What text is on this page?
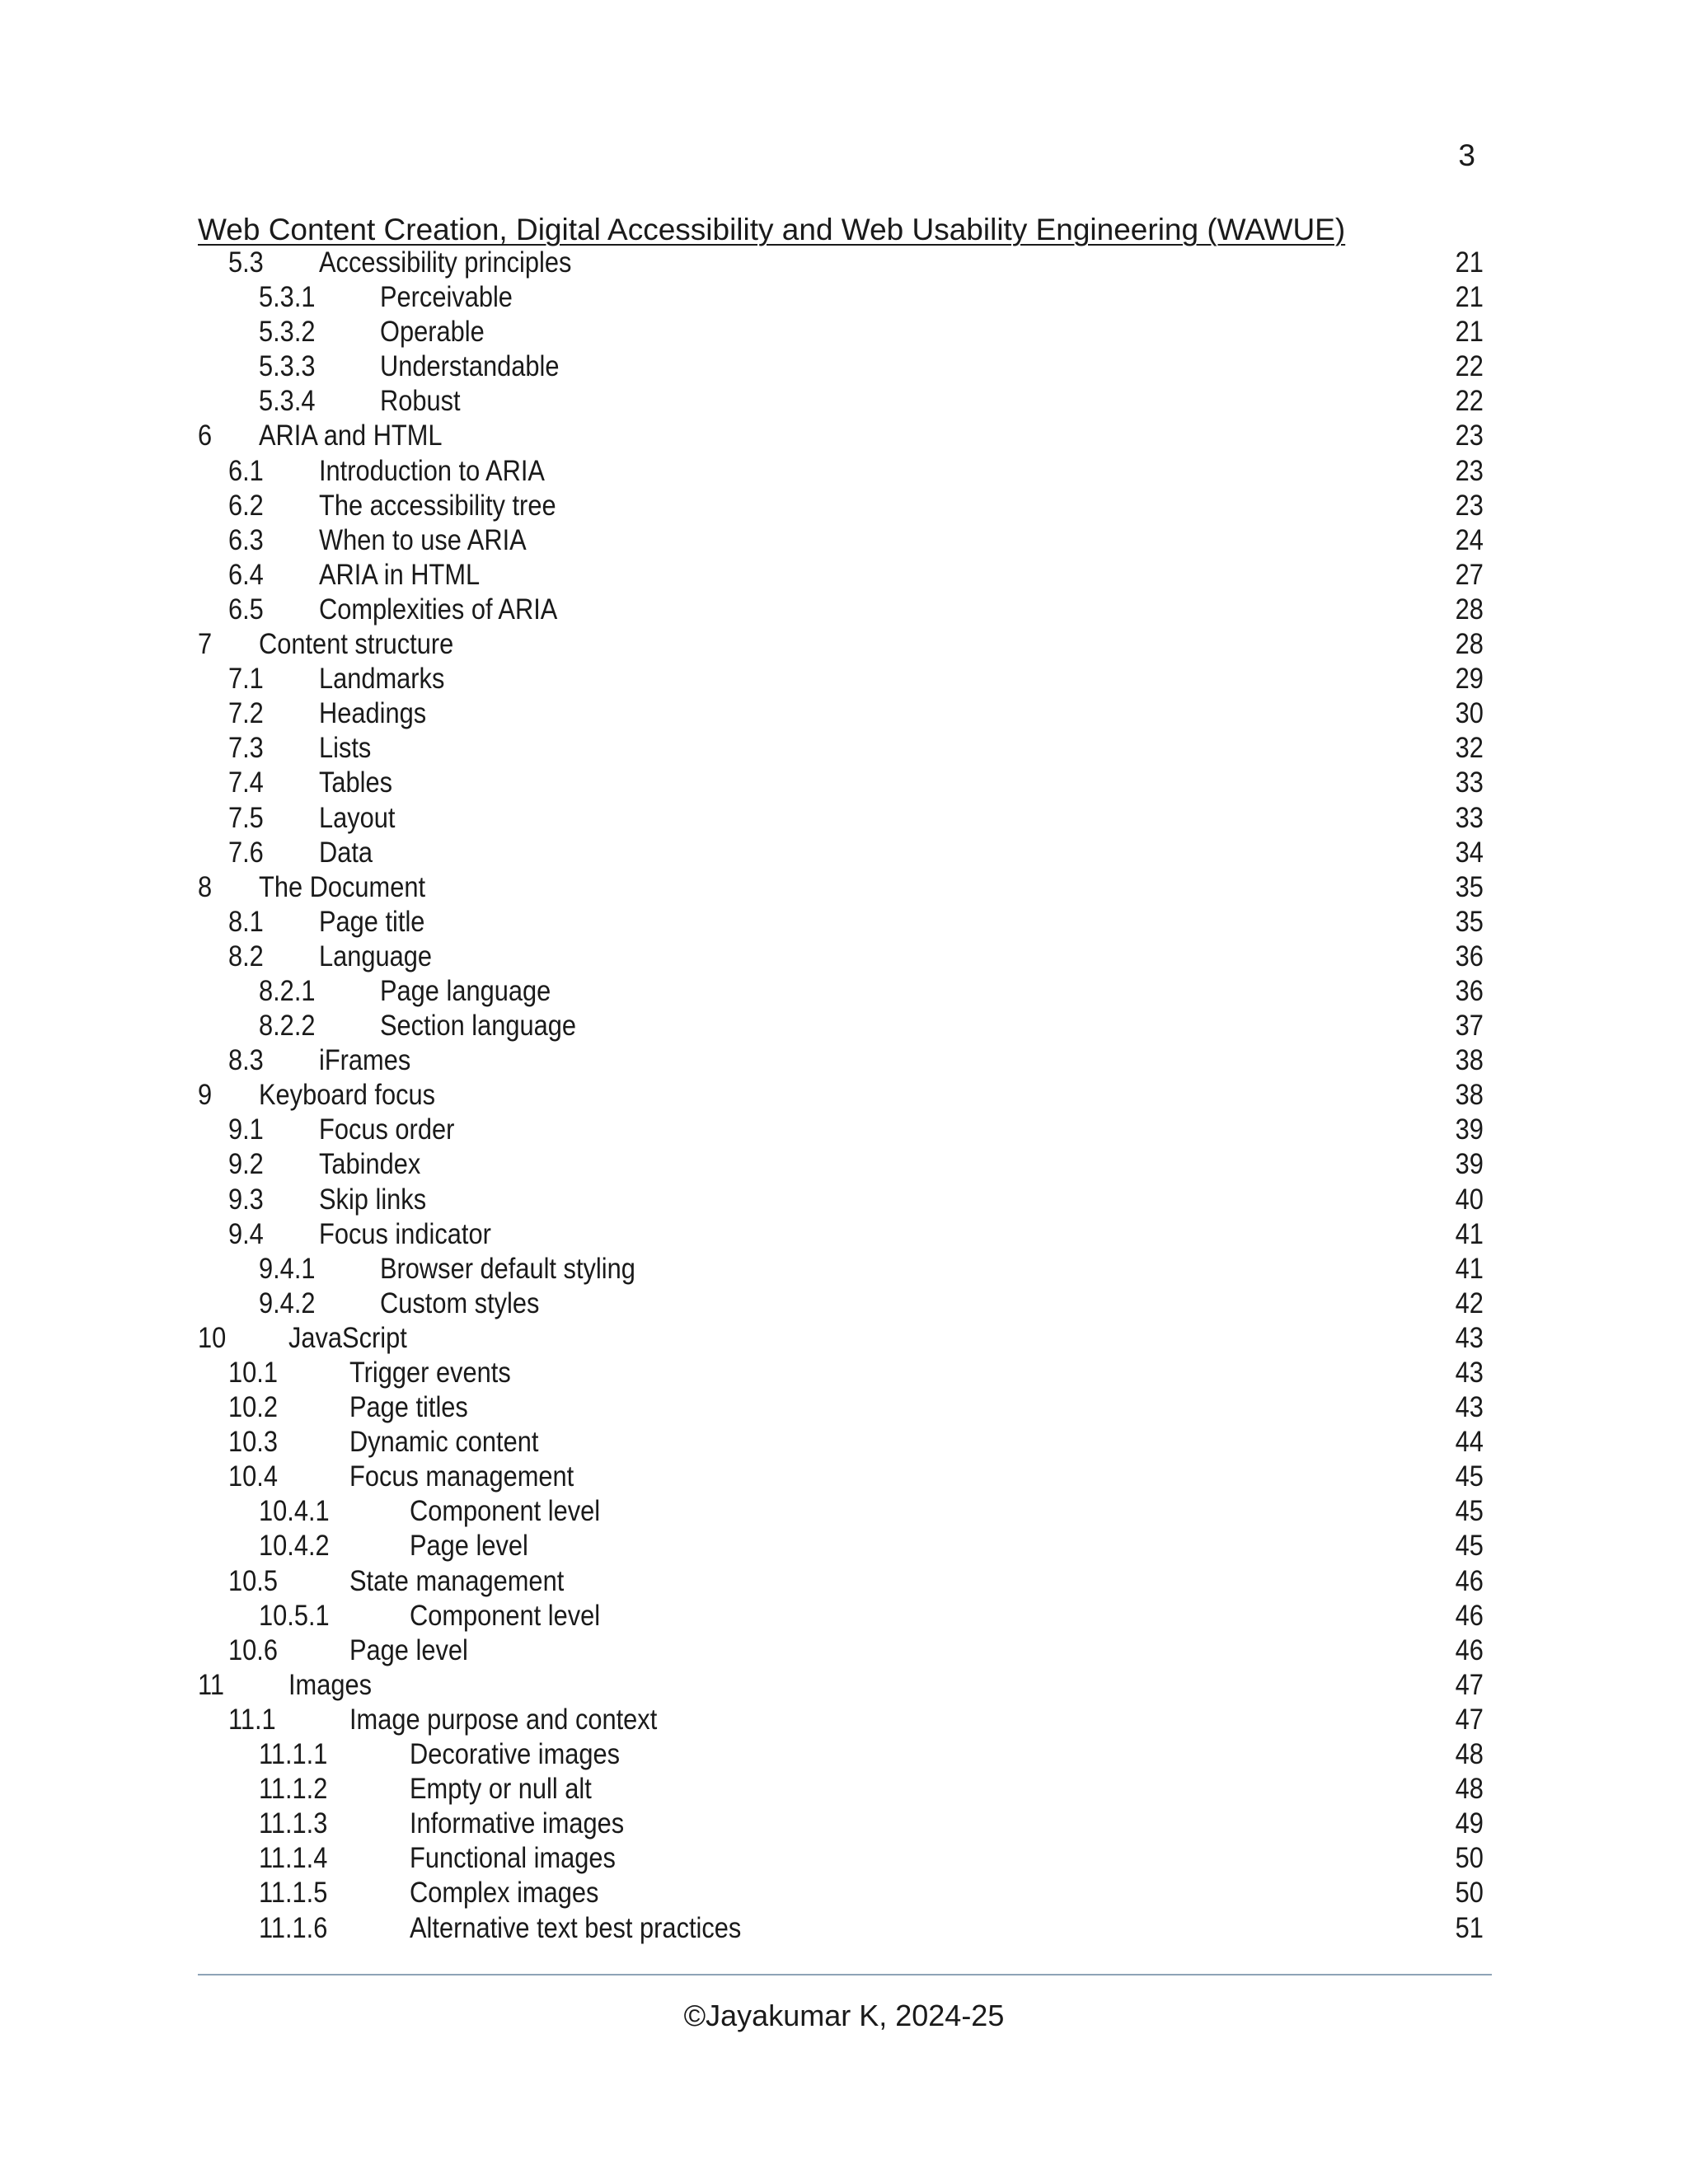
3
Web Content Creation, Digital Accessibility and Web Usability Engineering (WAWUE)
5.3 Accessibility principles	21
5.3.1 Perceivable	21
5.3.2 Operable	21
5.3.3 Understandable	22
5.3.4 Robust	22
6 ARIA and HTML	23
6.1 Introduction to ARIA	23
6.2 The accessibility tree	23
6.3 When to use ARIA	24
6.4 ARIA in HTML	27
6.5 Complexities of ARIA	28
7 Content structure	28
7.1 Landmarks	29
7.2 Headings	30
7.3 Lists	32
7.4 Tables	33
7.5 Layout	33
7.6 Data	34
8 The Document	35
8.1 Page title	35
8.2 Language	36
8.2.1 Page language	36
8.2.2 Section language	37
8.3 iFrames	38
9 Keyboard focus	38
9.1 Focus order	39
9.2 Tabindex	39
9.3 Skip links	40
9.4 Focus indicator	41
9.4.1 Browser default styling	41
9.4.2 Custom styles	42
10 JavaScript	43
10.1 Trigger events	43
10.2 Page titles	43
10.3 Dynamic content	44
10.4 Focus management	45
10.4.1	Component level	45
10.4.2	Page level	45
10.5 State management	46
10.5.1	Component level	46
10.6 Page level	46
11 Images	47
11.1	Image purpose and context	47
11.1.1	Decorative images	48
11.1.2	Empty or null alt	48
11.1.3	Informative images	49
11.1.4	Functional images	50
11.1.5	Complex images	50
11.1.6	Alternative text best practices	51
©Jayakumar K, 2024-25
